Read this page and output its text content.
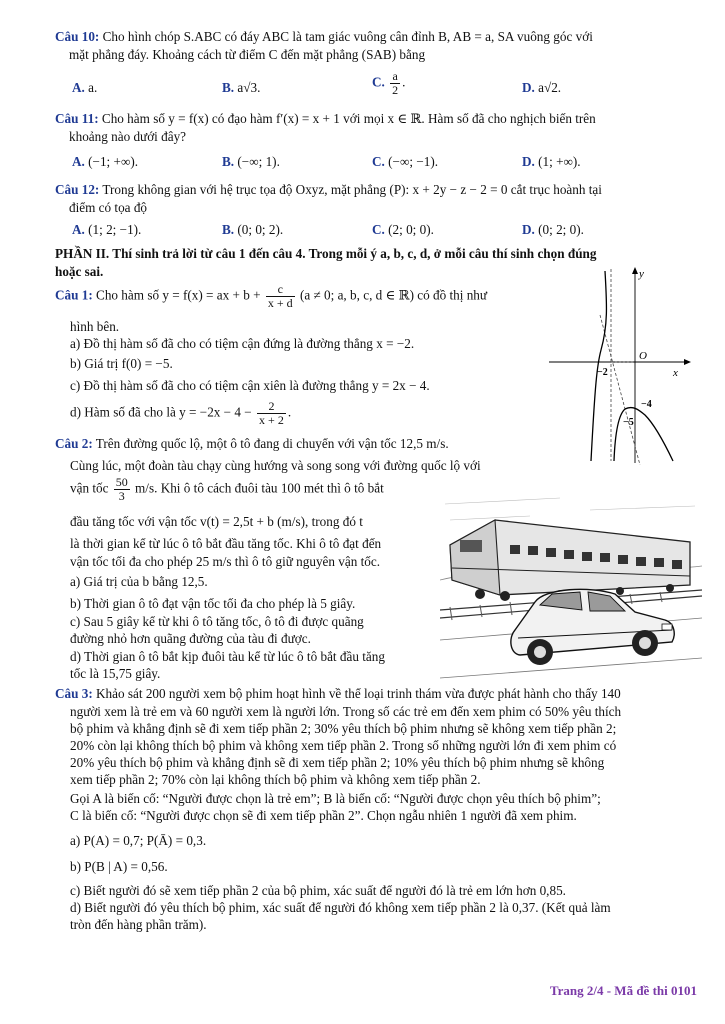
Câu 10: Cho hình chóp S.ABC có đáy ABC là tam giác vuông cân đỉnh B, AB = a, SA vuông góc với
mặt phẳng đáy. Khoảng cách từ điểm C đến mặt phẳng (SAB) bằng
A. a.	B. a√3.	C. $\frac{a}{2}$ .	D. a√2.
Câu 11: Cho hàm số y = f(x) có đạo hàm f′(x) = x + 1 với mọi x ∈ ℝ. Hàm số đã cho nghịch biến trên
khoảng nào dưới đây?
A. (−1; +∞).	B. (−∞; 1).	C. (−∞; −1).	D. (1; +∞).
Câu 12: Trong không gian với hệ trục tọa độ Oxyz, mặt phẳng (P): x + 2y − z − 2 = 0 cắt trục hoành tại
điểm có tọa độ
A. (1; 2; −1).	B. (0; 0; 2).	C. (2; 0; 0).	D. (0; 2; 0).
PHẦN II. Thí sinh trả lời từ câu 1 đến câu 4. Trong mỗi ý a, b, c, d, ở mỗi câu thí sinh chọn đúng
hoặc sai.
Câu 1: Cho hàm số y = f(x) = ax + $b + \frac{c}{x + d} (a \ne 0$; a, b, c, d ∈ ℝ) có đồ thị như
hình bên.
a) Đồ thị hàm số đã cho có tiệm cận đứng là đường thẳng x = −2.
b) Giá trị f(0) = −5.
c) Đồ thị hàm số đã cho có tiệm cận xiên là đường thẳng y = 2x − 4.
d) Hàm số đã cho là $y = -2x - 4 - \frac{2}{x + 2}$ .
y
x
O
−2
−4
−5
Câu 2: Trên đường quốc lộ, một ô tô đang di chuyển với vận tốc 12,5 m/s.
Cùng lúc, một đoàn tàu chạy cùng hướng và song song với đường quốc lộ với
vận tốc $\frac{50}{3} m/s$. Khi ô tô cách đuôi tàu 100 mét thì ô tô bắt
đầu tăng tốc với vận tốc v(t) = 2,5t + b (m/s), trong đó t
là thời gian kể từ lúc ô tô bắt đầu tăng tốc. Khi ô tô đạt đến
vận tốc tối đa cho phép 25 m/s thì ô tô giữ nguyên vận tốc.
a) Giá trị của b bằng 12,5.
b) Thời gian ô tô đạt vận tốc tối đa cho phép là 5 giây.
c) Sau 5 giây kể từ khi ô tô tăng tốc, ô tô đi được quãng
đường nhỏ hơn quãng đường của tàu đi được.
d) Thời gian ô tô bắt kịp đuôi tàu kể từ lúc ô tô bắt đầu tăng
tốc là 15,75 giây.
Câu 3: Khảo sát 200 người xem bộ phim hoạt hình về thể loại trinh thám vừa được phát hành cho thấy 140
người xem là trẻ em và 60 người xem là người lớn. Trong số các trẻ em đến xem phim có 50% yêu thích
bộ phim và khẳng định sẽ đi xem tiếp phần 2; 30% yêu thích bộ phim nhưng sẽ không xem tiếp phần 2;
20% còn lại không thích bộ phim và không xem tiếp phần 2. Trong số những người lớn đi xem phim có
20% yêu thích bộ phim và khẳng định sẽ đi xem tiếp phần 2; 10% yêu thích bộ phim nhưng sẽ không
xem tiếp phần 2; 70% còn lại không thích bộ phim và không xem tiếp phần 2.
Gọi A là biến cố: “Người được chọn là trẻ em”; B là biến cố: “Người được chọn yêu thích bộ phim”;
C là biến cố: “Người được chọn sẽ đi xem tiếp phần 2”. Chọn ngẫu nhiên 1 người đã xem phim.
a) P(A) = 0,7; P(Ā) = 0,3.
b) P(B | A) = 0,56.
c) Biết người đó sẽ xem tiếp phần 2 của bộ phim, xác suất để người đó là trẻ em lớn hơn 0,85.
d) Biết người đó yêu thích bộ phim, xác suất để người đó không xem tiếp phần 2 là 0,37. (Kết quả làm
tròn đến hàng phần trăm).
Trang 2/4 - Mã đề thi 0101
